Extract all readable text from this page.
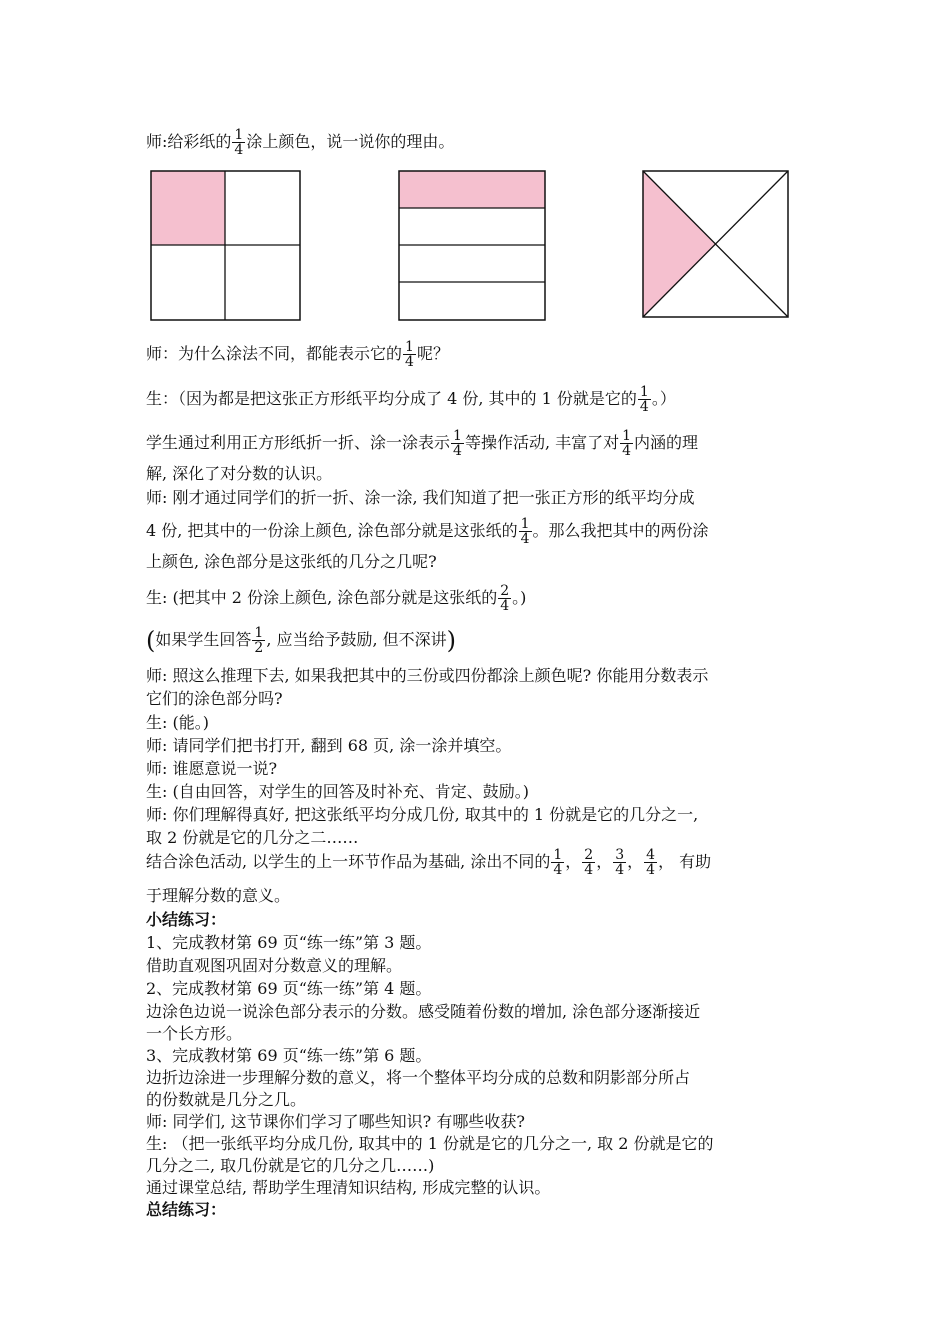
师:给彩纸的 $\frac{1}{4}$ 涂上颜色，说一说你的理由。
师：为什么涂法不同，都能表示它的 $\frac{1}{4}$ 呢？
生：（因为都是把这张正方形纸平均分成了 4 份, 其中的 1 份就是它的 $\frac{1}{4}$ 。）
学生通过利用正方形纸折一折、涂一涂表示 $\frac{1}{4}$ 等操作活动, 丰富了对 $\frac{1}{4}$ 内涵的理
解, 深化了对分数的认识。
师: 刚才通过同学们的折一折、涂一涂, 我们知道了把一张正方形的纸平均分成
4 份, 把其中的一份涂上颜色, 涂色部分就是这张纸的 $\frac{1}{4}$ 。那么我把其中的两份涂
上颜色, 涂色部分是这张纸的几分之几呢?
生: (把其中 2 份涂上颜色, 涂色部分就是这张纸的 $\frac{2}{4}$ 。)
(如果学生回答 $\frac{1}{2}$ , 应当给予鼓励, 但不深讲)
师: 照这么推理下去, 如果我把其中的三份或四份都涂上颜色呢? 你能用分数表示
它们的涂色部分吗?
生: (能。)
师: 请同学们把书打开, 翻到 68 页, 涂一涂并填空。
师: 谁愿意说一说?
生: (自由回答，对学生的回答及时补充、肯定、鼓励。)
师: 你们理解得真好, 把这张纸平均分成几份, 取其中的 1 份就是它的几分之一,
取 2 份就是它的几分之二……
结合涂色活动, 以学生的上一环节作品为基础, 涂出不同的 $\frac{1}{4}$ ， $\frac{2}{4}$ ， $\frac{3}{4}$ ， $\frac{4}{4}$ ， 有助
于理解分数的意义。
小结练习：
1、完成教材第 69 页“练一练”第 3 题。
借助直观图巩固对分数意义的理解。
2、完成教材第 69 页“练一练”第 4 题。
边涂色边说一说涂色部分表示的分数。感受随着份数的增加, 涂色部分逐渐接近
一个长方形。
3、完成教材第 69 页“练一练”第 6 题。
边折边涂进一步理解分数的意义，将一个整体平均分成的总数和阴影部分所占
的份数就是几分之几。
师: 同学们, 这节课你们学习了哪些知识? 有哪些收获?
生: （把一张纸平均分成几份, 取其中的 1 份就是它的几分之一, 取 2 份就是它的
几分之二, 取几份就是它的几分之几……)
通过课堂总结, 帮助学生理清知识结构, 形成完整的认识。
总结练习：
